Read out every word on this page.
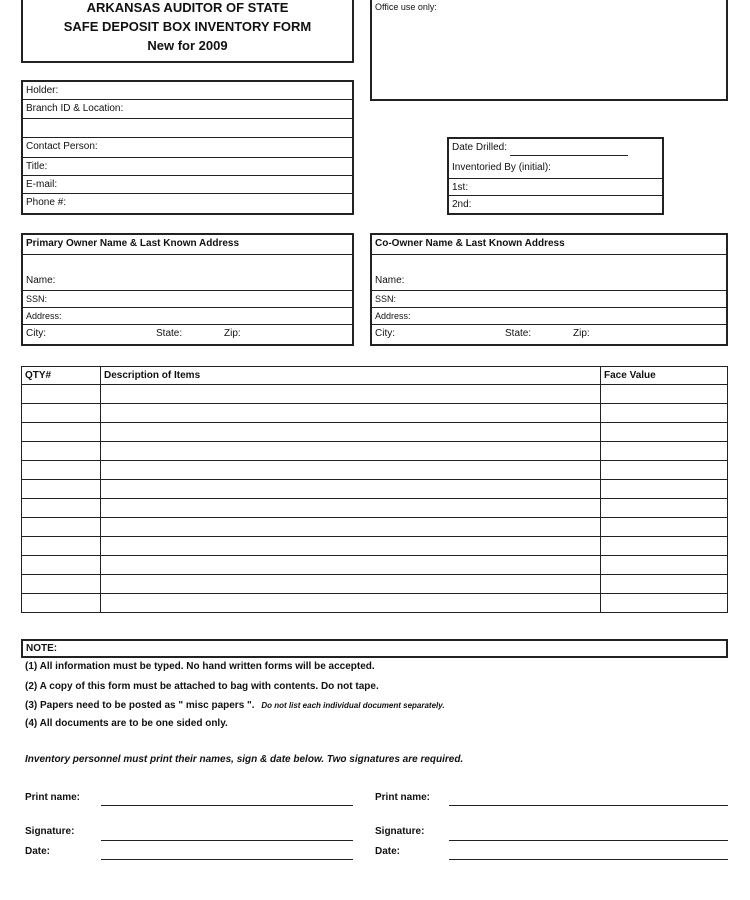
ARKANSAS AUDITOR OF STATE
SAFE DEPOSIT BOX INVENTORY FORM
New for 2009
Office use only:
Holder:
Branch ID & Location:
Contact Person:
Title:
E-mail:
Phone #:
Date Drilled:
Inventoried By (initial):
1st:
2nd:
Primary Owner Name & Last Known Address
Name:
SSN:
Address:
City:	State:	Zip:
Co-Owner Name & Last Known Address
Name:
SSN:
Address:
City:	State:	Zip:
QTY#	Description of Items	Face Value

NOTE:
(1) All information must be typed. No hand written forms will be accepted.
(2) A copy of this form must be attached to bag with contents. Do not tape.
(3) Papers need to be posted as " misc papers ". Do not list each individual document separately.
(4) All documents are to be one sided only.
Inventory personnel must print their names, sign & date below. Two signatures are required.
Print name:
Signature:
Date:
Print name:
Signature:
Date:
